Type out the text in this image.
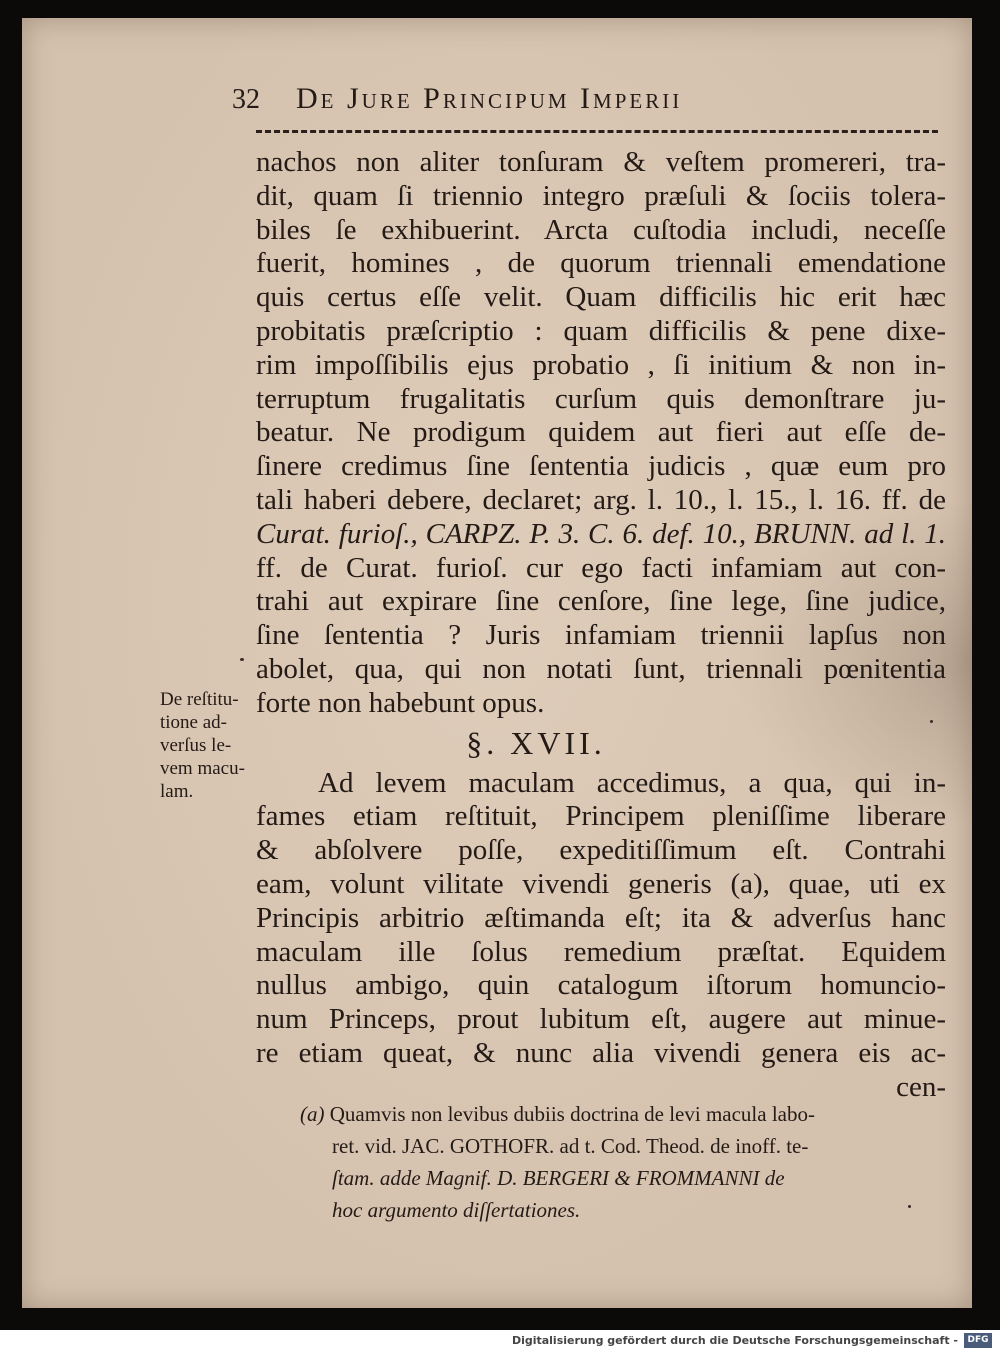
32 De Jure Principum Imperii
nachos non aliter tonſuram & veſtem promereri, tra-
dit, quam ſi triennio integro præſuli & ſociis tolera-
biles ſe exhibuerint. Arcta cuſtodia includi, neceſſe
fuerit, homines , de quorum triennali emendatione
quis certus eſſe velit. Quam difficilis hic erit hæc
probitatis præſcriptio : quam difficilis & pene dixe-
rim impoſſibilis ejus probatio , ſi initium & non in-
terruptum frugalitatis curſum quis demonſtrare ju-
beatur. Ne prodigum quidem aut fieri aut eſſe de-
ſinere credimus ſine ſententia judicis , quæ eum pro
tali haberi debere, declaret; arg. l. 10., l. 15., l. 16. ff. de
Curat. furioſ., CARPZ. P. 3. C. 6. def. 10., BRUNN. ad l. 1.
ff. de Curat. furioſ. cur ego facti infamiam aut con-
trahi aut expirare ſine cenſore, ſine lege, ſine judice,
ſine ſententia ? Juris infamiam triennii lapſus non
abolet, qua, qui non notati ſunt, triennali pœnitentia
forte non habebunt opus.
§. XVII.
Ad levem maculam accedimus, a qua, qui in-
fames etiam reſtituit, Principem pleniſſime liberare
& abſolvere poſſe, expeditiſſimum eſt. Contrahi
eam, volunt vilitate vivendi generis (a), quae, uti ex
Principis arbitrio æſtimanda eſt; ita & adverſus hanc
maculam ille ſolus remedium præſtat. Equidem
nullus ambigo, quin catalogum iſtorum homuncio-
num Princeps, prout lubitum eſt, augere aut minue-
re etiam queat, & nunc alia vivendi genera eis ac-
cen-
De reſtitu-
tione ad-
verſus le-
vem macu-
lam.
(a) Quamvis non levibus dubiis doctrina de levi macula labo-
ret. vid. JAC. GOTHOFR. ad t. Cod. Theod. de inoff. te-
ſtam. adde Magnif. D. BERGERI & FROMMANNI de
hoc argumento diſſertationes.
Digitalisierung gefördert durch die Deutsche Forschungsgemeinschaft -	DFG
